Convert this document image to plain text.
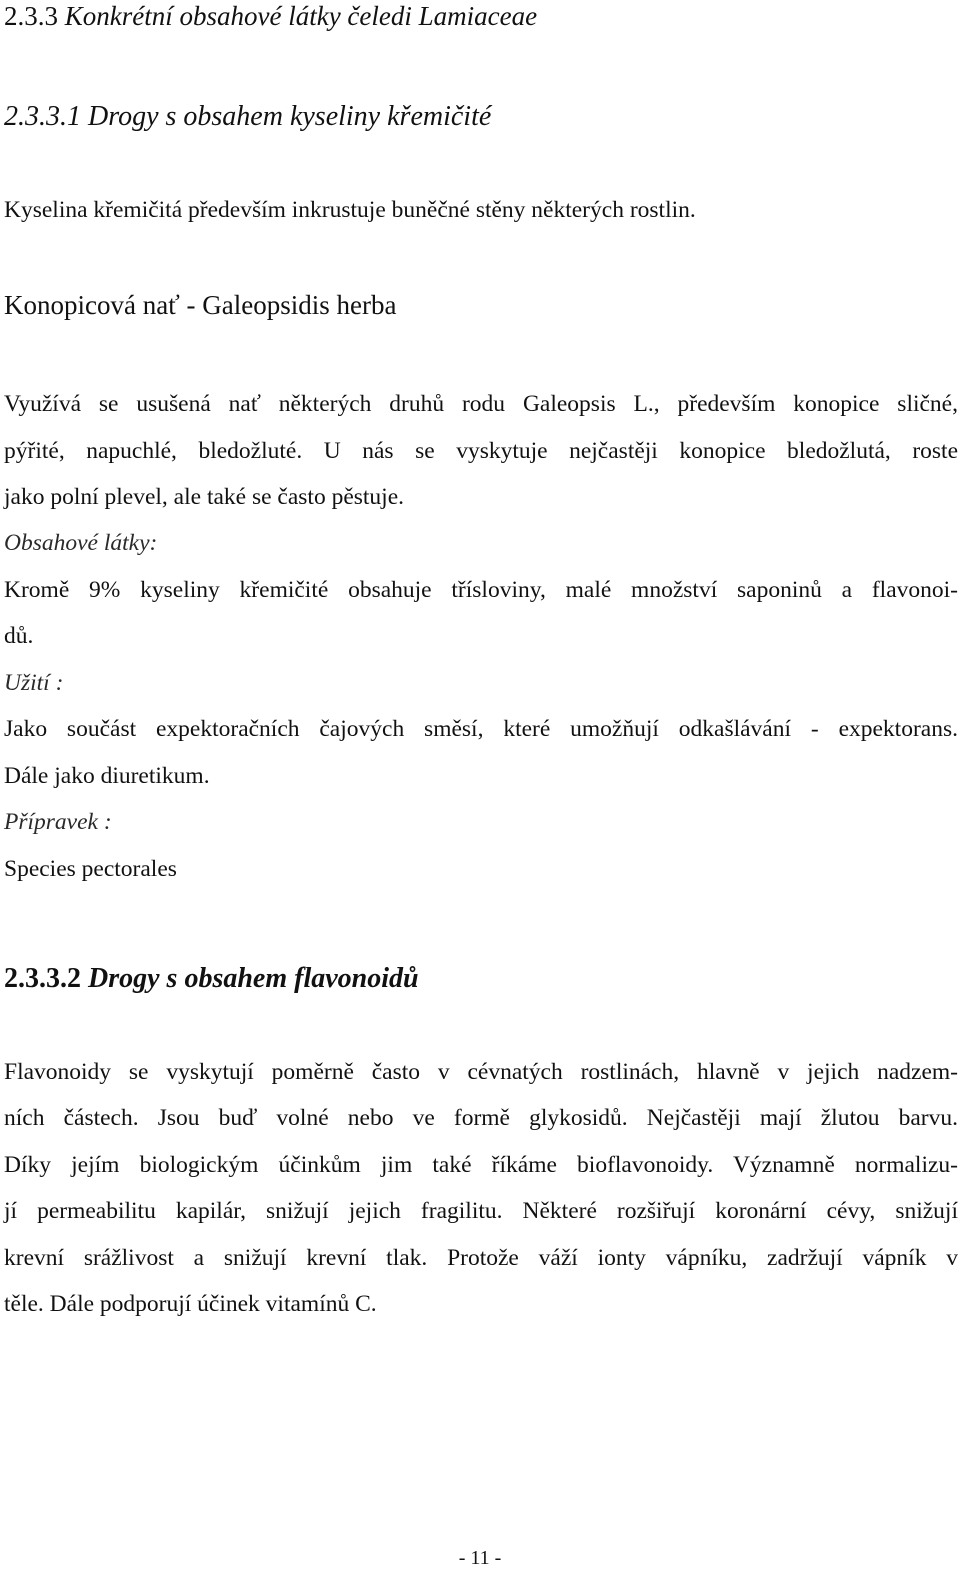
2.3.3 Konkrétní obsahové látky čeledi Lamiaceae
2.3.3.1 Drogy s obsahem kyseliny křemičité
Kyselina křemičitá především inkrustuje buněčné stěny některých rostlin.
Konopicová nať - Galeopsidis herba
Využívá se usušená nať některých druhů rodu Galeopsis L., především konopice sličné,
pýřité, napuchlé, bledožluté. U nás se vyskytuje nejčastěji konopice bledožlutá, roste
jako polní plevel, ale také se často pěstuje.
Obsahové látky:
Kromě 9% kyseliny křemičité obsahuje třísloviny, malé množství saponinů a flavonoi-
dů.
Užití :
Jako součást expektoračních čajových směsí, které umožňují odkašlávání - expektorans.
Dále jako diuretikum.
Přípravek :
Species pectorales
2.3.3.2 Drogy s obsahem flavonoidů
Flavonoidy se vyskytují poměrně často v cévnatých rostlinách, hlavně v jejich nadzem-
ních částech. Jsou buď volné nebo ve formě glykosidů. Nejčastěji mají žlutou barvu.
Díky jejím biologickým účinkům jim také říkáme bioflavonoidy. Významně normalizu-
jí permeabilitu kapilár, snižují jejich fragilitu. Některé rozšiřují koronární cévy, snižují
krevní srážlivost a snižují krevní tlak. Protože váží ionty vápníku, zadržují vápník v
těle. Dále podporují účinek vitamínů C.
- 11 -
